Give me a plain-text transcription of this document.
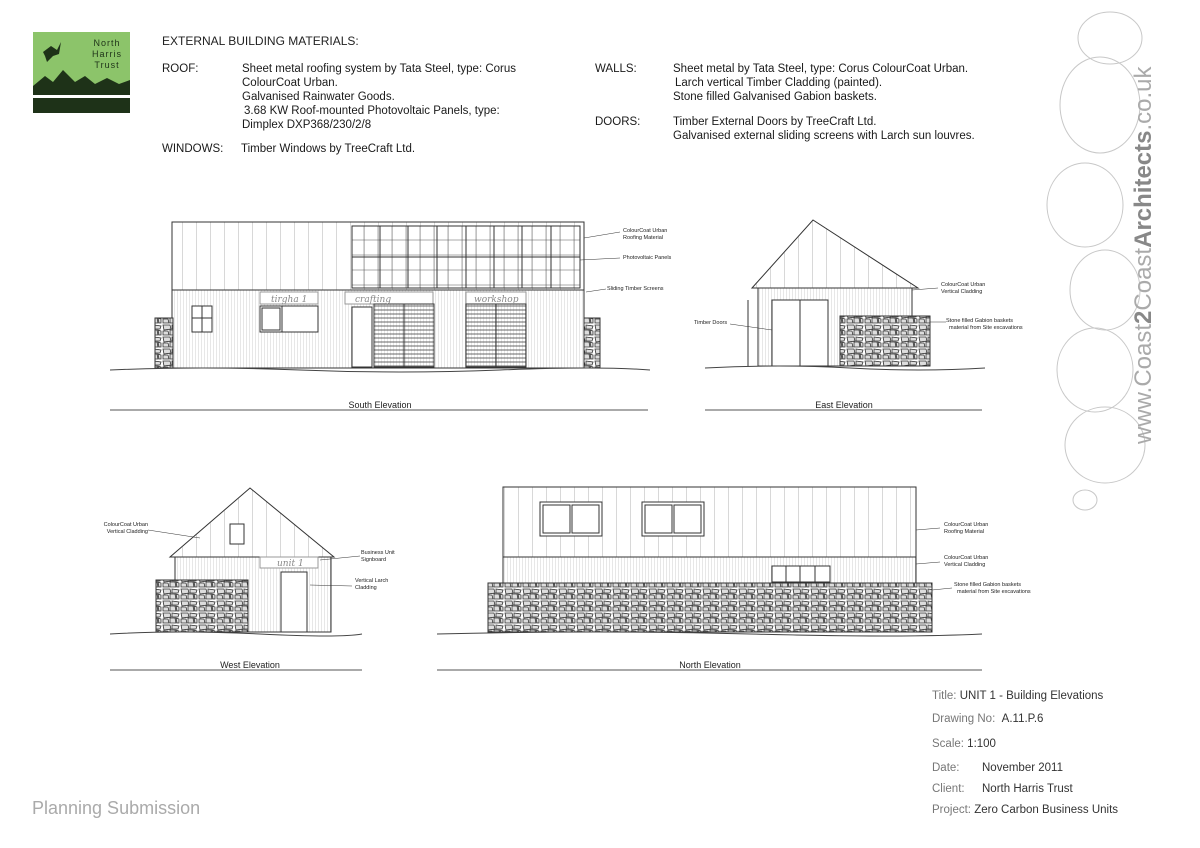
North
Harris
Trust
EXTERNAL BUILDING MATERIALS:
ROOF:	Sheet metal roofing system by Tata Steel, type: Corus
ColourCoat Urban.
Galvanised Rainwater Goods.
3.68 KW Roof-mounted Photovoltaic Panels, type:
Dimplex DXP368/230/2/8
WINDOWS: Timber Windows by TreeCraft Ltd.
WALLS:	Sheet metal by Tata Steel, type: Corus ColourCoat Urban.
Larch vertical Timber Cladding (painted).
Stone filled Galvanised Gabion baskets.
DOORS:	Timber External Doors by TreeCraft Ltd.
Galvanised external sliding screens with Larch sun louvres.
www.Coast2CoastArchitects.co.uk
tirgha 1	crafting	workshop
unit 1
ColourCoat Urban
Roofing Material
Photovoltaic Panels
Sliding Timber Screens
South Elevation
ColourCoat Urban
Vertical Cladding
Timber Doors	Stone filled Gabion baskets
material from Site excavations
East Elevation
ColourCoat Urban
Vertical Cladding
Business Unit
Signboard
Vertical Larch
Cladding
West Elevation
ColourCoat Urban
Roofing Material
ColourCoat Urban
Vertical Cladding
Stone filled Gabion baskets
material from Site excavations
North Elevation
Title: UNIT 1 - Building Elevations
Drawing No: A.11.P.6
Scale: 1:100
Date: November 2011
Client: North Harris Trust
Project: Zero Carbon Business Units
Planning Submission
